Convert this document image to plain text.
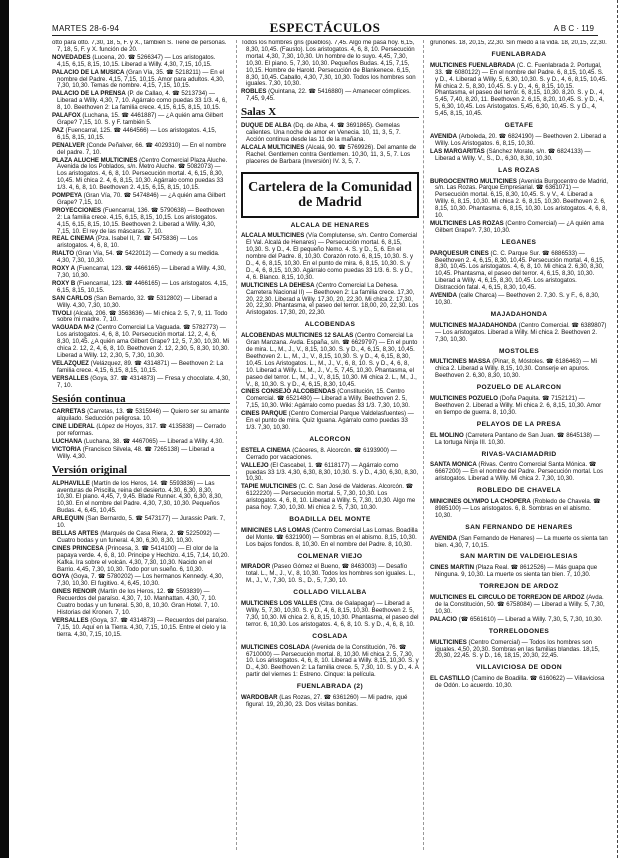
MARTES 28-6-94	ESPECTÁCULOS	A B C · 119
otto para otto. 7,30, 18, 5, F. y X., también S. Tiene de personas. 7, 18, 5, F. y X. función de 20.
NOVEDADES (Lucena, 20. ☎ 5266347) — Los aristogatos. 4,15, 6,15, 8,15, 10,15. Liberad a Willy. 4,30, 7,15, 10,15.
PALACIO DE LA MUSICA (Gran Vía, 35. ☎ 5218211) — En el nombre del Padre. 4,15, 7,15, 10,15. Amor para adultos. 4,30, 7,30, 10,30. Temas de nombre. 4,15, 7,15, 10,15.
PALACIO DE LA PRENSA (P. de Callao, 4. ☎ 5213734) — Liberad a Willy. 4,30, 7, 10. Agárralo como puedas 33 1/3. 4, 6, 8, 10. Beethoven 2: La familia crece. 4,15, 6,15, 8,15, 10,15.
PALAFOX (Luchana, 15. ☎ 4461887) — ¿A quién ama Gilbert Grape? 7,15, 10. S. y F. también 5.
PAZ (Fuencarral, 125. ☎ 4464566) — Los aristogatos. 4,15, 6,15, 8,15, 10,15.
PENALVER (Conde Peñalver, 66. ☎ 4029310) — En el nombre del padre. 7, 10.
PLAZA ALUCHE MULTICINES (Centro Comercial Plaza Aluche. Avenida de los Poblados, s/n. Metro Aluche. ☎ 5082073) — Los aristogatos. 4, 6, 8, 10. Persecución mortal. 4, 6,15, 8,30, 10,45. Mi chica 2. 4, 6, 8,15, 10,30. Agárralo como puedas 33 1/3. 4, 6, 8, 10. Beethoven 2. 4,15, 6,15, 8,15, 10,15.
POMPEYA (Gran Vía, 70. ☎ 5474846) — ¿A quién ama Gilbert Grape? 7,15, 10.
PROYECCIONES (Fuencarral, 136. ☎ 5790638) — Beethoven 2: La familia crece. 4,15, 6,15, 8,15, 10,15. Los aristogatos. 4,15, 6,15, 8,15, 10,15. Beethoven 2. Liberad a Willy. 4,30, 7,15, 10. El rey de las máscaras. 7, 10.
REAL CINEMA (Pza. Isabel II, 7. ☎ 5475836) — Los aristogatos. 4, 6, 8, 10.
RIALTO (Gran Vía, 54. ☎ 5422012) — Comedy a su medida. 4,30, 7,30, 10,30.
ROXY A (Fuencarral, 123. ☎ 4466165) — Liberad a Willy. 4,30, 7,30, 10,30.
ROXY B (Fuencarral, 123. ☎ 4466165) — Los aristogatos. 4,15, 6,15, 8,15, 10,15.
SAN CARLOS (San Bernardo, 32. ☎ 5312802) — Liberad a Willy. 4,30, 7,30, 10,30.
TIVOLI (Alcalá, 206. ☎ 3563636) — Mi chica 2. 5, 7, 9, 11. Todo sobre mi madre. 7, 10.
VAGUADA M-2 (Centro Comercial La Vaguada. ☎ 5782773) — Los aristogatos. 4, 6, 8, 10. Persecución mortal. 12, 2, 4, 6, 8,30, 10,45. ¿A quién ama Gilbert Grape? 12, 5, 7,30, 10,30. Mi chica 2. 12, 2, 4, 6, 8, 10. Beethoven 2. 12, 2,30, 5, 8,30, 10,30. Liberad a Willy. 12, 2,30, 5, 7,30, 10,30.
VELAZQUEZ (Velázquez, 89. ☎ 4314871) — Beethoven 2: La familia crece. 4,15, 6,15, 8,15, 10,15.
VERSALLES (Goya, 37. ☎ 4314873) — Fresa y chocolate. 4,30, 7, 10.
Sesión continua
CARRETAS (Carretas, 13. ☎ 5315946) — Quiero ser su amante alquilado. Seducción peligrosa. 10.
CINE LIDERAL (López de Hoyos, 317. ☎ 4135838) — Cerrado por reformas.
LUCHANA (Luchana, 38. ☎ 4467065) — Liberad a Willy. 4,30.
VICTORIA (Francisco Silvela, 48. ☎ 7265138) — Liberad a Willy. 4,30.
Versión original
ALPHAVILLE (Martín de los Heros, 14. ☎ 5593836) — Las aventuras de Priscilla, reina del desierto. 4,30, 6,30, 8,30, 10,30. El piano. 4,45, 7, 9,45. Blade Runner. 4,30, 6,30, 8,30, 10,30. En el nombre del Padre. 4,30, 7,30, 10,30. Pequeños Budas. 4, 6,45, 10,45.
ARLEQUIN (San Bernardo, 5. ☎ 5473177) — Jurassic Park. 7, 10.
BELLAS ARTES (Marqués de Casa Riera, 2. ☎ 5225092) — Cuatro bodas y un funeral. 4,30, 6,30, 8,30, 10,30.
CINES PRINCESA (Princesa, 3. ☎ 5414100) — El olor de la papaya verde. 4, 6, 8, 10. Principe y Hechizo. 4,15, 7,14, 10,20. Kafka. Ira sobre el volcán. 4,30, 7,30, 10,30. Nacido en el Barrio. 4,45, 7,30, 10,30. Todo por un sueño. 6, 10,30.
GOYA (Goya, 7. ☎ 5780202) — Los hermanos Kennedy. 4,30, 7,30, 10,30. El fugitivo. 4, 6,45, 10,30.
GINES RENOIR (Martín de los Heros, 12. ☎ 5593839) — Recuerdos del paraíso. 4,30, 7, 10. Manhattan. 4,30, 7, 10. Cuatro bodas y un funeral. 5,30, 8, 10,30. Gran Hotel. 7, 10. Historias del Kronen. 7, 10.
VERSALLES (Goya, 37. ☎ 4314873) — Recuerdos del paraíso. 7,15, 10. Aquí en la Tierra. 4,30, 7,15, 10,15. Entre el cielo y la tierra. 4,30, 7,15, 10,15.
Todos los hombres gris (pueblos). 7,45. Algo me pasa hoy. 6,15, 8,30, 10,45. (Fausto). Los aristogatos. 4, 6, 8, 10. Persecución mortal. 4,30, 7,30, 10,30. Un hombre de lo suyo. 4,45, 7,30, 10,30. El piano. 5, 7,30, 10,30. Pequeños Budas. 4,15, 7,15, 10,15. Hombre de Harold. Persecución de Blankenece. 6,15, 8,30, 10,45. Caballo, 4,30, 7,30, 10,30. Todos los hombres son iguales. 7,30, 10,30.
ROBLES (Quintana, 22. ☎ 5416880) — Amanecer cómplices. 7,45, 9,45.
Salas X
DUQUE DE ALBA (Dq. de Alba, 4. ☎ 3691865). Gemelas calientes. Una noche de amor en Venecia. 10, 11, 3, 5, 7. Acción continua desde las 11 de la mañana.
ALCALA MULTICINES (Alcalá, 90. ☎ 5769926). Del amante de Rachel. Gentlemen contra Gentlemen. 10,30, 11, 3, 5, 7. Los placeres de Barbara (Inversión) IV. 3, 5, 7.
Cartelera de la Comunidad de Madrid
ALCALA DE HENARES
ALCALA MULTICINES (Vía Complutense, s/n. Centro Comercial El Val. Alcalá de Henares) — Persecución mortal. 6, 8,15, 10,30. S. y D., 4. El pequeño Nemo. 4. S. y D., 5, 6. En el nombre del Padre. 8, 10,30. Corazón roto. 6, 8,15, 10,30. S. y D., 4, 6, 8,15, 10,30. En el punto de mira. 6, 8,15, 10,30. S. y D., 4, 6, 8,15, 10,30. Agárralo como puedas 33 1/3. 6. S. y D., 4, 6. Blanco. 8,15, 10,30.
MULTICINES LA DEHESA (Centro Comercial La Dehesa. Carretera Nacional II) — Beethoven 2: La familia crece. 17,30, 20, 22,30. Liberad a Willy. 17,30, 20, 22,30. Mi chica 2. 17,30, 20, 22,30. Phantasma, el paseo del terror. 18,00, 20, 22,30. Los Aristogatos. 17,30, 20, 22,30.
ALCOBENDAS
ALCOBENDAS MULTICINES 12 SALAS (Centro Comercial La Gran Manzana. Avda. España, s/n. ☎ 6629797) — En el punto de mira. L., M., J., V., 8,15, 10,30. S. y D., 4, 6,15, 8,30, 10,45. Beethoven 2. L., M., J., V., 8,15, 10,30. S. y D., 4, 6,15, 8,30, 10,45. Los Aristogatos. L., M., J., V., 6, 8, 10. S. y D., 4, 6, 8, 10. Liberad a Willy. L., M., J., V., 5, 7,45, 10,30. Phantasma, el paseo del terror. L., M., J., V., 8,15, 10,30. Mi chica 2. L., M., J., V., 8, 10,30. S. y D., 4, 6,15, 8,30, 10,45.
CINES CONSEJO ALCOBENDAS (Constitución, 15. Centro Comercial. ☎ 6521480) — Liberad a Willy. Beethoven 2. 5, 7,15, 10,30. Wiki: Agárralo como puedas 33 1/3. 7,30, 10,30.
CINES PARQUE (Centro Comercial Parque Valdelasfuentes) — En el punto de mira. Quiz Iguana. Agárralo como puedas 33 1/3. 7,30, 10,30.
ALCORCON
ESTELA CINEMA (Cáceres, 8. Alcorcón. ☎ 6193900) — Cerrado por vacaciones.
VALLEJO (El Cascabel, 1. ☎ 6118177) — Agárralo como puedas 33 1/3. 4,30, 6,30, 8,30, 10,30. S. y D., 4,30, 6,30, 8,30, 10,30.
TAPIE MULTICINES (C. C. San José de Valderas. Alcorcón. ☎ 6122220) — Persecución mortal. 5, 7,30, 10,30. Los aristogatos. 4, 6, 8, 10. Liberad a Willy. 5, 7,30, 10,30. Algo me pasa hoy. 7,30, 10,30. Mi chica 2. 5, 7,30, 10,30.
BOADILLA DEL MONTE
MINICINES LAS LOMAS (Centro Comercial Las Lomas. Boadilla del Monte. ☎ 6321900) — Sombras en el abismo. 8,15, 10,30. Los bajos fondos. 8, 10,30. En el nombre del Padre. 8, 10,30.
COLMENAR VIEJO
MIRADOR (Paseo Gómez el Bueno, ☎ 8463003) — Desafío total. L., M., J., V., 8, 10,30. Todos los hombres son iguales. L., M., J., V., 7,30, 10. S., D., 5, 7,30, 10.
COLLADO VILLALBA
MULTICINES LOS VALLES (Ctra. de Galapagar) — Liberad a Willy. 5, 7,30, 10,30. S. y D., 4, 6, 8,15, 10,30. Beethoven 2. 5, 7,30, 10,30. Mi chica 2. 6, 8,15, 10,30. Phantasma, el paseo del terror. 6, 10,30. Los aristogatos. 4, 6, 8, 10. S. y D., 4, 6, 8, 10.
COSLADA
MULTICINES COSLADA (Avenida de la Constitución, 76. ☎ 6710000) — Persecución mortal. 8, 10,30. Mi chica 2. 5, 7,30, 10. Los aristogatos. 4, 6, 8, 10. Liberad a Willy. 8,15, 10,30. S. y D., 4,30. Beethoven 2: La familia crece. 5, 7,30, 10. S. y D., 4. A partir del viernes 1: Estreno. Cinque: la película.
FUENLABRADA (2)
WARDOBAR (Las Rozas, 27. ☎ 6361260) — Mi padre, ¡qué figura!. 19, 20,30, 23. Dos visitas bonitas.
gruñones. 18, 20,15, 22,30. Sin miedo a la vida. 18, 20,15, 22,30.
FUENLABRADA
MULTICINES FUENLABRADA (C. C. Fuenlabrada 2. Portugal, 33. ☎ 6080122) — En el nombre del Padre. 6, 8,15, 10,45. S. y D., 4. Liberad a Willy. 5, 6,30, 10,30. S. y D., 4, 6, 8,15, 10,45. Mi chica 2. 5, 8,30, 10,45. S. y D., 4, 6, 8,15, 10,15. Phantasma, el paseo del terror. 6, 8,15, 10,30. 8,20. S. y D., 4, 5,45, 7,40, 8,20, 11. Beethoven 2. 6,15, 8,20, 10,45. S. y D., 4, 5, 6,30, 10,45. Los Aristogatos. 5,45, 6,30, 10,45. S. y D., 4, 5,45, 8,15, 10,45.
GETAFE
AVENIDA (Arboleda, 20. ☎ 6824190) — Beethoven 2. Liberad a Willy. Los Aristogatos. 6, 8,15, 10,30.
LAS MARGARITAS (Sánchez Morate, s/n. ☎ 6824133) — Liberad a Willy. V., S., D., 6,30, 8,30, 10,30.
LAS ROZAS
BURGOCENTRO MULTICINES (Avenida Burgocentro de Madrid, s/n. Las Rozas. Parque Empresarial. ☎ 6361071) — Persecución mortal. 6,15, 8,30, 10,45. S. y V., 4. Liberad a Willy. 6, 8,15, 10,30. Mi chica 2. 6, 8,15, 10,30. Beethoven 2. 6, 8,15, 10,30. Phantasma. 6, 8,15, 10,30. Los aristogatos. 4, 6, 8, 10.
MULTICINES LAS ROZAS (Centro Comercial) — ¿A quién ama Gilbert Grape?. 7,30, 10,30.
LEGANES
PARQUESUR CINES (C. C. Parque Sur. ☎ 6886533) — Beethoven 2. 4, 6,15, 8,30, 10,45. Persecución mortal. 4, 6,15, 8,30, 10,45. Los aristogatos. 4, 6, 8, 10. Mi chica 2. 6,30, 8,30, 10,45. Phantasma, el paseo del terror. 4, 6,15, 8,30, 10,30. Liberad a Willy. 4, 6,15, 8,30, 10,45. Los aristogatos. Distracción fatal. 4, 6,15, 8,30, 10,45.
AVENIDA (calle Charca) — Beethoven 2. 7,30. S. y F., 6, 8,30, 10,30.
MAJADAHONDA
MULTICINES MAJADAHONDA (Centro Comercial. ☎ 6389807) — Los aristogatos. Liberad a Willy. Mi chica 2. Beethoven 2. 7,30, 10,30.
MOSTOLES
MULTICINES MASSA (Pinar, 8, Móstoles. ☎ 6186463) — Mi chica 2. Liberad a Willy. 8,15, 10,30. Conserje en apuros. Beethoven 2. 6,30, 8,30, 10,30.
POZUELO DE ALARCON
MULTICINES POZUELO (Doña Paquita. ☎ 7152121) — Beethoven 2. Liberad a Willy. Mi chica 2. 6, 8,15, 10,30. Amor en tiempo de guerra. 8, 10,30.
PELAYOS DE LA PRESA
EL MOLINO (Carretera Pantano de San Juan. ☎ 8645138) — La tortuga Ninja III. 10,30.
RIVAS-VACIAMADRID
SANTA MONICA (Rivas. Centro Comercial Santa Mónica. ☎ 6667200) — En el nombre del Padre. Persecución mortal. Los aristogatos. Liberad a Willy. Mi chica 2. 7,30, 10,30.
ROBLEDO DE CHAVELA
MINICINES OLYMPO LA CHOPERA (Robledo de Chavela. ☎ 8985100) — Los aristogatos. 6, 8. Sombras en el abismo. 10,30.
SAN FERNANDO DE HENARES
AVENIDA (San Fernando de Henares) — La muerte os sienta tan bien. 4,30, 7, 10,15.
SAN MARTIN DE VALDEIGLESIAS
CINES MARTIN (Plaza Real. ☎ 8612526) — Más guapa que Ninguna. 9, 10,30. La muerte os sienta tan bien. 7, 10,30.
TORREJON DE ARDOZ
MULTICINES EL CIRCULO DE TORREJON DE ARDOZ (Avda. de la Constitución, 50. ☎ 6758084) — Liberad a Willy. 5, 7,30, 10,30.
PALACIO (☎ 6561610) — Liberad a Willy. 7,30, 5, 7,30, 10,30.
TORRELODONES
MULTICINES (Centro Comercial) — Todos los hombres son iguales. 4,50, 20,30. Sombras en las familias blandas. 18,15, 20,30, 22,45. S. y D., 16, 18,15, 20,30, 22,45.
VILLAVICIOSA DE ODON
EL CASTILLO (Camino de Boadilla. ☎ 6160622) — Villaviciosa de Odón. Lo acuerdo. 10,30.
